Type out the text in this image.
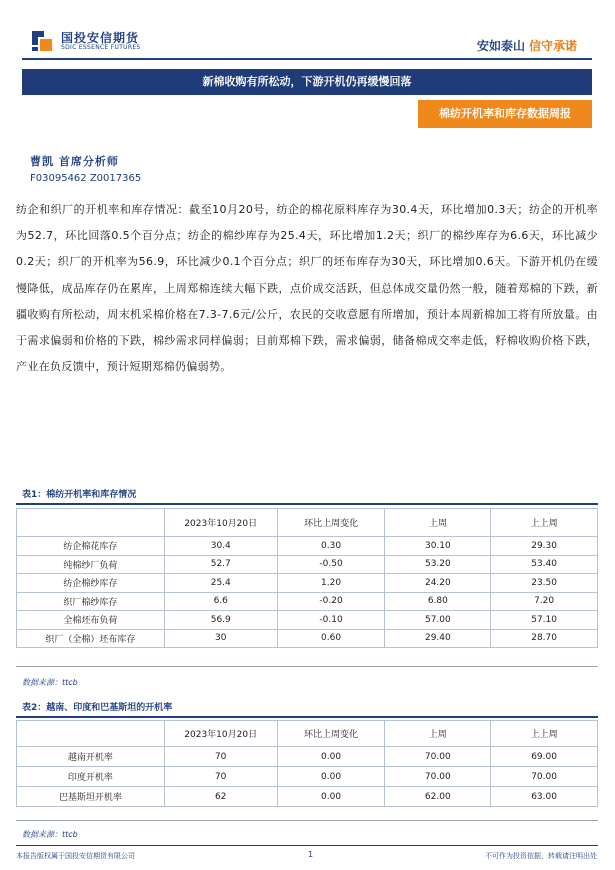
国投安信期货
SDIC ESSENCE FUTURES	安如泰山 信守承诺
新棉收购有所松动，下游开机仍再缓慢回落
棉纺开机率和库存数据周报
曹凯 首席分析师
F03095462 Z0017365
纺企和织厂的开机率和库存情况：截至10月20号，纺企的棉花原料库存为30.4天，环比增加0.3天；纺企的开机率为52.7，环比回落0.5个百分点；纺企的棉纱库存为25.4天，环比增加1.2天；织厂的棉纱库存为6.6天，环比减少0.2天；织厂的开机率为56.9，环比减少0.1个百分点；织厂的坯布库存为30天，环比增加0.6天。下游开机仍在缓慢降低，成品库存仍在累库，上周郑棉连续大幅下跌，点价成交活跃，但总体成交量仍然一般，随着郑棉的下跌，新疆收购有所松动，周末机采棉价格在7.3-7.6元/公斤，农民的交收意愿有所增加，预计本周新棉加工将有所放量。由于需求偏弱和价格的下跌，棉纱需求同样偏弱；目前郑棉下跌，需求偏弱，储备棉成交率走低，籽棉收购价格下跌，产业在负反馈中，预计短期郑棉仍偏弱势。
表1：棉纺开机率和库存情况
	2023年10月20日	环比上周变化	上周	上上周
纺企棉花库存	30.4	0.30	30.10	29.30
纯棉纱厂负荷	52.7	-0.50	53.20	53.40
纺企棉纱库存	25.4	1.20	24.20	23.50
织厂棉纱库存	6.6	-0.20	6.80	7.20
全棉坯布负荷	56.9	-0.10	57.00	57.10
织厂（全棉）坯布库存	30	0.60	29.40	28.70
数据来源：ttcb
表2：越南、印度和巴基斯坦的开机率
	2023年10月20日	环比上周变化	上周	上上周
越南开机率	70	0.00	70.00	69.00
印度开机率	70	0.00	70.00	70.00
巴基斯坦开机率	62	0.00	62.00	63.00
数据来源：ttcb
本报告版权属于国投安信期货有限公司	1	不可作为投资依据，转载请注明出处
